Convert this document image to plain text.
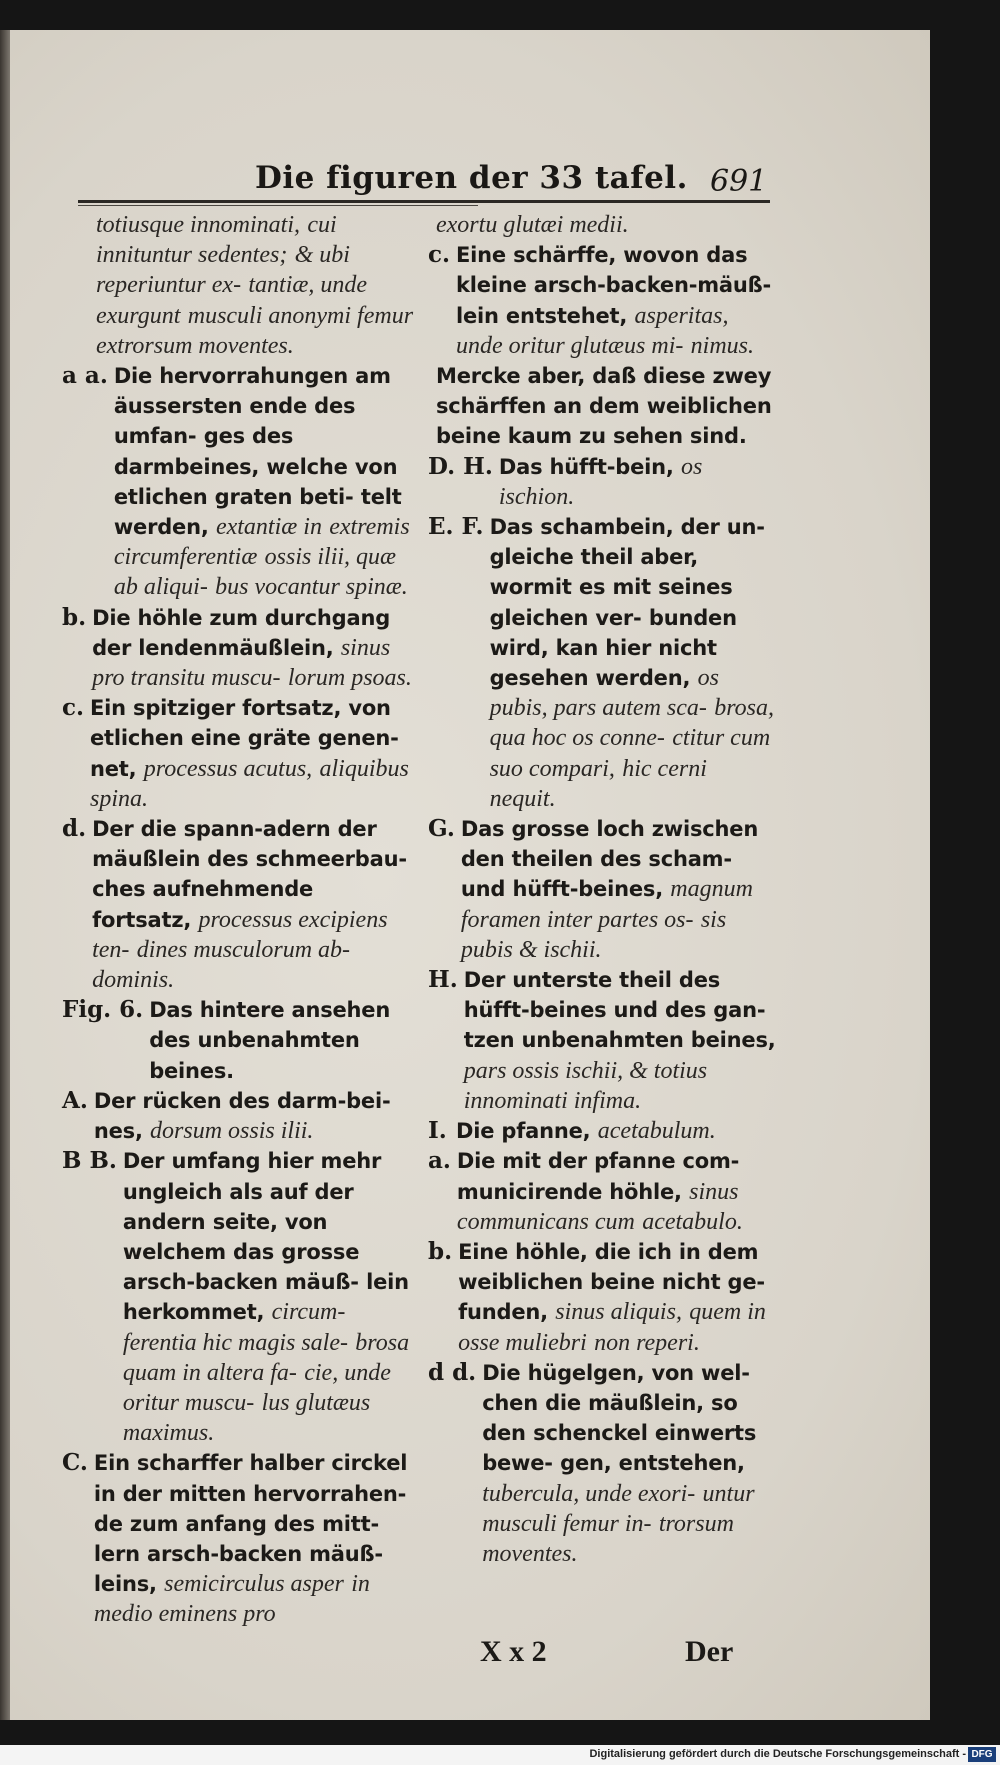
Die figuren der 33 tafel. 691
totiusque innominati, cui innituntur sedentes; & ubi reperiuntur ex- tantiæ, unde exurgunt musculi anonymi femur extrorsum moventes.
a a. Die hervorrahungen am äussersten ende des umfan- ges des darmbeines, welche von etlichen graten beti- telt werden, extantiæ in extremis circumferentiæ ossis ilii, quæ ab aliqui- bus vocantur spinæ.
b. Die höhle zum durchgang der lendenmäußlein, sinus pro transitu muscu- lorum psoas.
c. Ein spitziger fortsatz, von etlichen eine gräte genen- net, processus acutus, aliquibus spina.
d. Der die spann-adern der mäußlein des schmeerbau- ches aufnehmende fortsatz, processus excipiens ten- dines musculorum ab- dominis.
Fig. 6. Das hintere ansehen des unbenahmten beines.
A. Der rücken des darm-bei- nes, dorsum ossis ilii.
B B. Der umfang hier mehr ungleich als auf der andern seite, von welchem das grosse arsch-backen mäuß- lein herkommet, circum- ferentia hic magis sale- brosa quam in altera fa- cie, unde oritur muscu- lus glutæus maximus.
C. Ein scharffer halber circkel in der mitten hervorrahen- de zum anfang des mitt- lern arsch-backen mäuß- leins, semicirculus asper in medio eminens pro
exortu glutæi medii.
c. Eine schärffe, wovon das kleine arsch-backen-mäuß- lein entstehet, asperitas, unde oritur glutæus mi- nimus.
Mercke aber, daß diese zwey schärffen an dem weiblichen beine kaum zu sehen sind.
D. H. Das hüfft-bein, os ischion.
E. F. Das schambein, der un- gleiche theil aber, wormit es mit seines gleichen ver- bunden wird, kan hier nicht gesehen werden, os pubis, pars autem sca- brosa, qua hoc os conne- ctitur cum suo compari, hic cerni nequit.
G. Das grosse loch zwischen den theilen des scham-und hüfft-beines, magnum foramen inter partes os- sis pubis & ischii.
H. Der unterste theil des hüfft-beines und des gan- tzen unbenahmten beines, pars ossis ischii, & totius innominati infima.
I. Die pfanne, acetabulum.
a. Die mit der pfanne com- municirende höhle, sinus communicans cum acetabulo.
b. Eine höhle, die ich in dem weiblichen beine nicht ge- funden, sinus aliquis, quem in osse muliebri non reperi.
d d. Die hügelgen, von wel- chen die mäußlein, so den schenckel einwerts bewe- gen, entstehen, tubercula, unde exori- untur musculi femur in- trorsum moventes.
X x 2	Der
Digitalisierung gefördert durch die Deutsche Forschungsgemeinschaft - DFG
